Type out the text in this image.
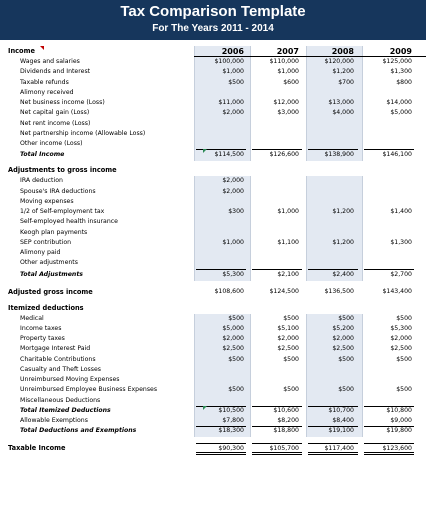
Tax Comparison Template
For The Years 2011 - 2014
Income	2006	2007	2008	2009
Wages and salaries	$100,000	$110,000	$120,000	$125,000
Dividends and Interest	$1,000	$1,000	$1,200	$1,300
Taxable refunds	$500	$600	$700	$800
Alimony received
Net business income (Loss)	$11,000	$12,000	$13,000	$14,000
Net capital gain (Loss)	$2,000	$3,000	$4,000	$5,000
Net rent income (Loss)
Net partnership income (Allowable Loss)
Other income (Loss)
Total Income	$114,500	$126,600	$138,900	$146,100
Adjustments to gross income
IRA deduction	$2,000
Spouse's IRA deductions	$2,000
Moving expenses
1/2 of Self-employment tax	$300	$1,000	$1,200	$1,400
Self-employed health insurance
Keogh plan payments
SEP contribution	$1,000	$1,100	$1,200	$1,300
Alimony paid
Other adjustments
Total Adjustments	$5,300	$2,100	$2,400	$2,700
Adjusted gross income	$108,600	$124,500	$136,500	$143,400
Itemized deductions
Medical	$500	$500	$500	$500
Income taxes	$5,000	$5,100	$5,200	$5,300
Property taxes	$2,000	$2,000	$2,000	$2,000
Mortgage Interest Paid	$2,500	$2,500	$2,500	$2,500
Charitable Contributions	$500	$500	$500	$500
Casualty and Theft Losses
Unreimbursed Moving Expenses
Unreimbursed Employee Business Expenses	$500	$500	$500	$500
Miscellaneous Deductions
Total Itemized Deductions	$10,500	$10,600	$10,700	$10,800
Allowable Exemptions	$7,800	$8,200	$8,400	$9,000
Total Deductions and Exemptions	$18,300	$18,800	$19,100	$19,800
Taxable Income	$90,300	$105,700	$117,400	$123,600
